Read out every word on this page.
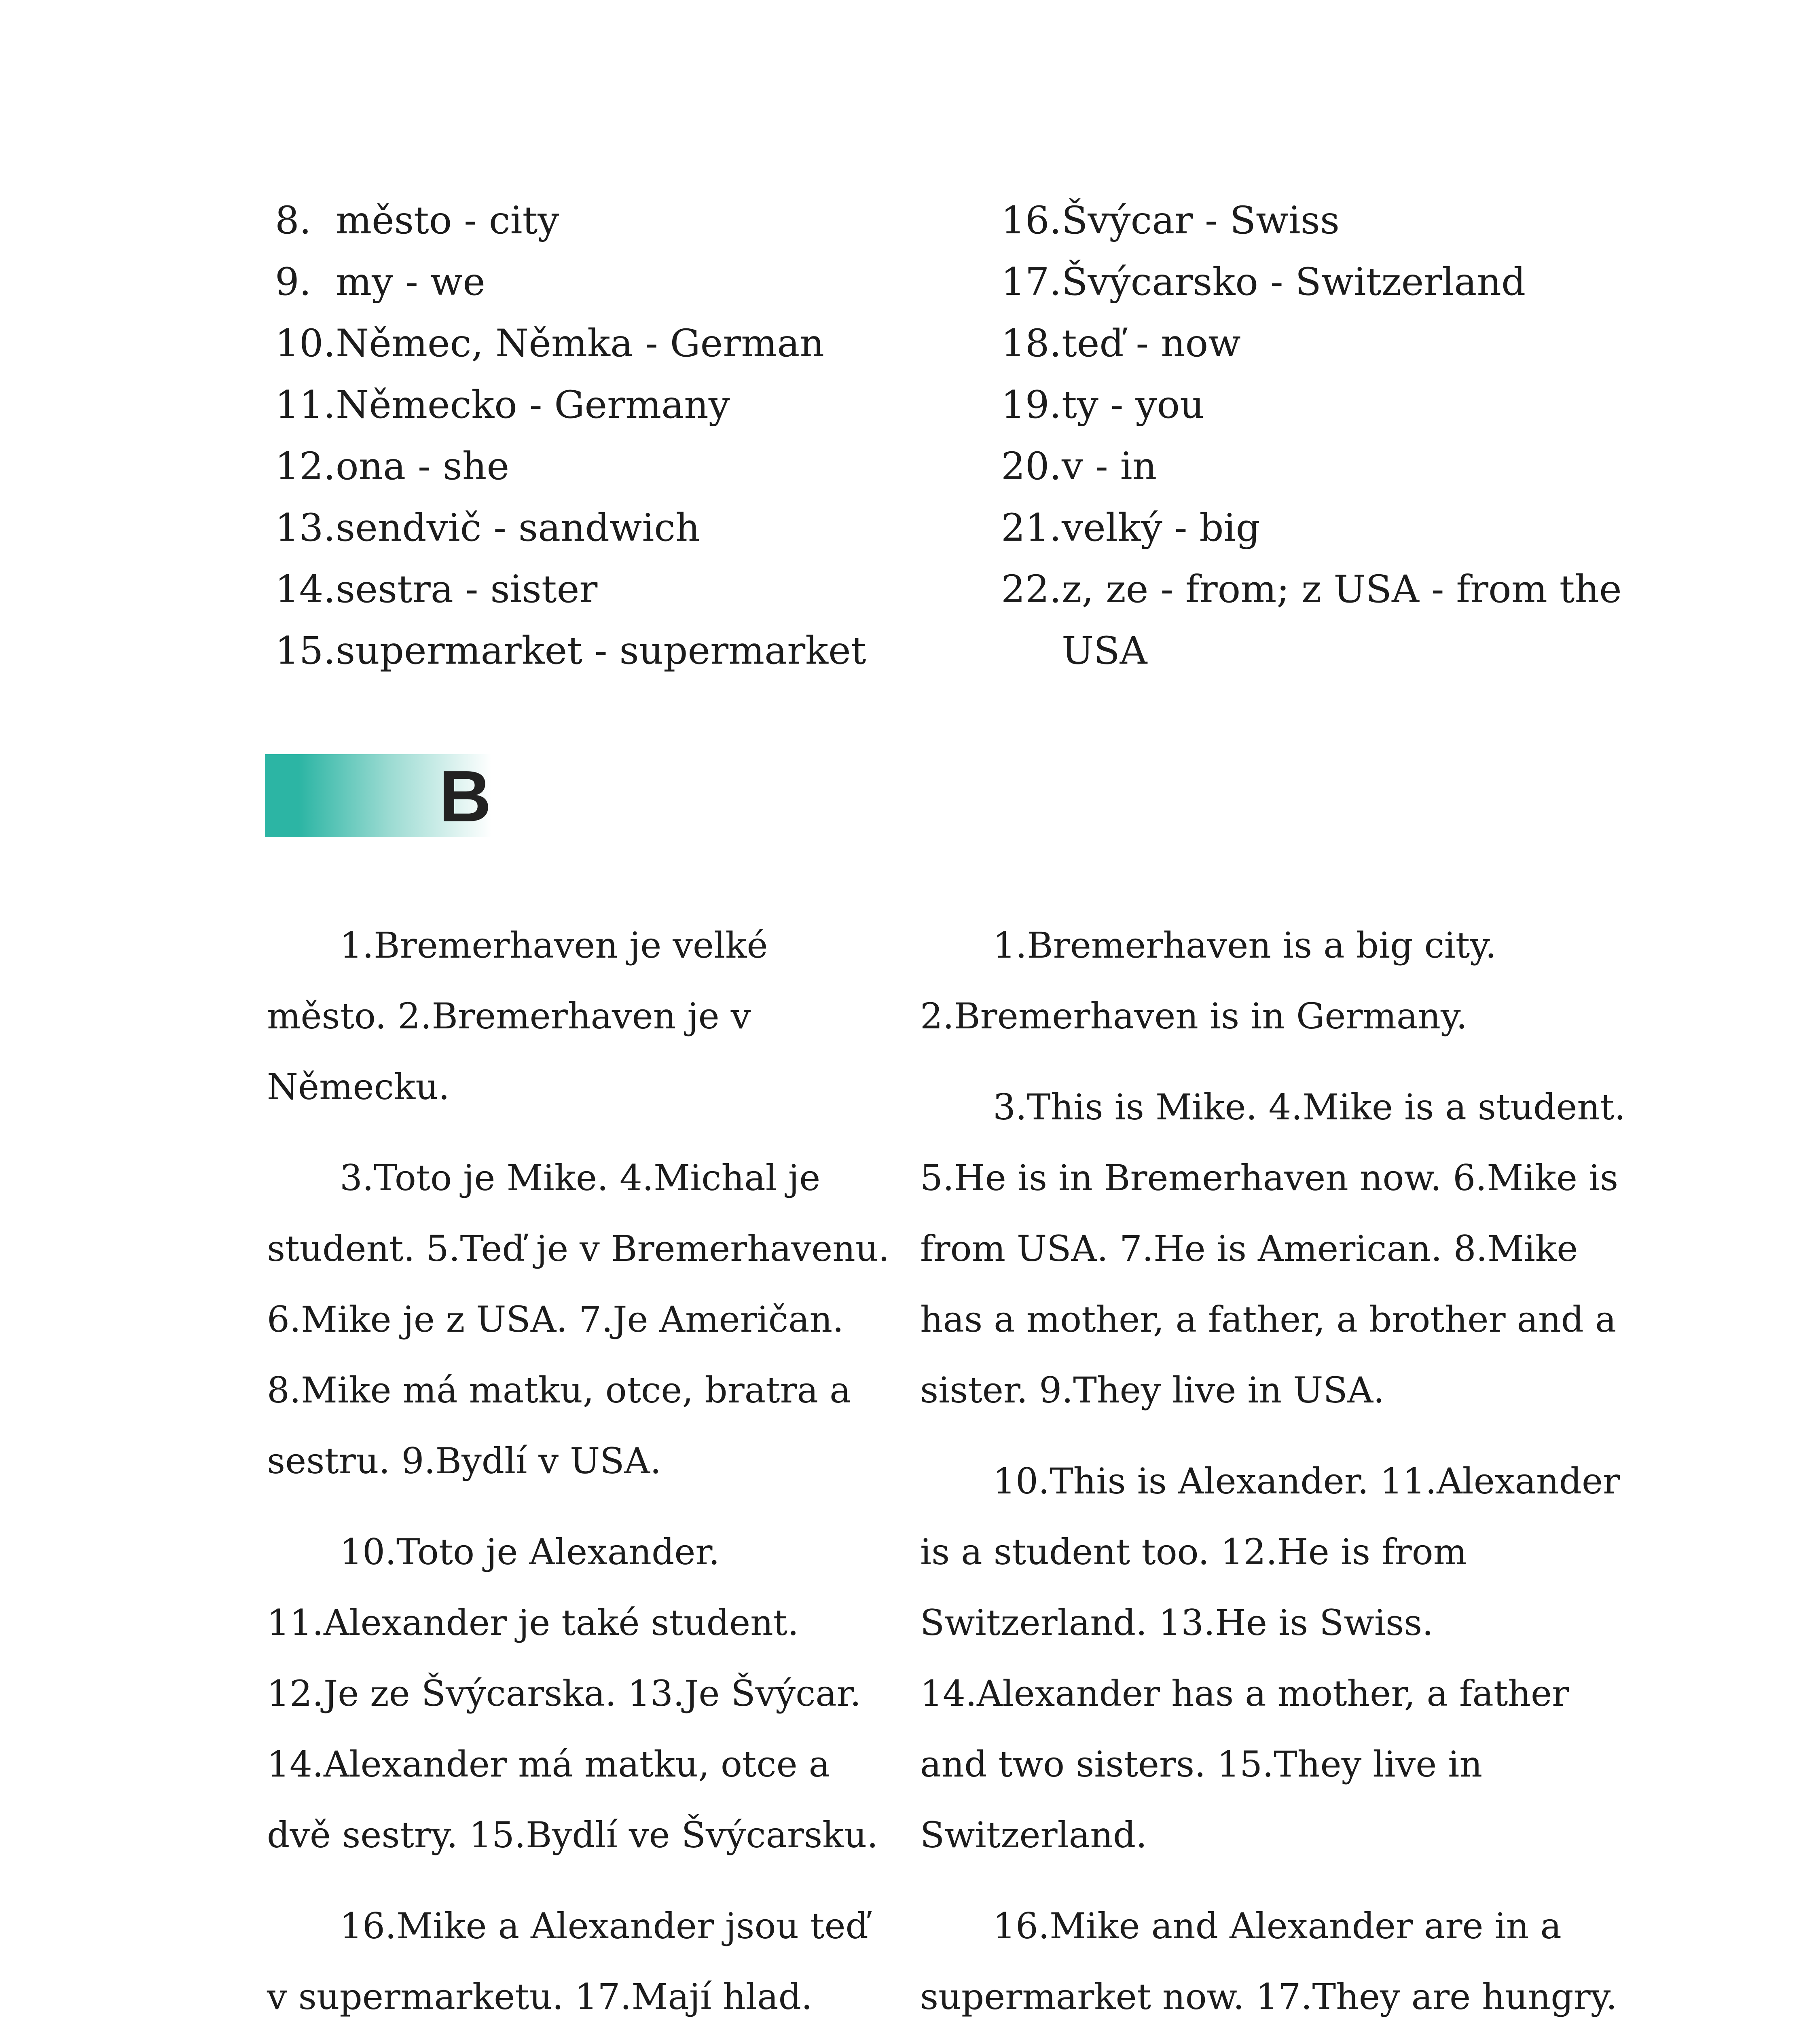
8. město - city
9. my - we
10. Němec, Němka - German
11. Německo - Germany
12. ona - she
13. sendvič - sandwich
14. sestra - sister
15. supermarket - supermarket
16. Švýcar - Swiss
17. Švýcarsko - Switzerland
18. teď - now
19. ty - you
20. v - in
21. velký - big
22. z, ze - from; z USA - from the USA
B

1.Bremerhaven je velké město. 2.Bremerhaven je v Německu.

3.Toto je Mike. 4.Michal je student. 5.Teď je v Bremerhavenu. 6.Mike je z USA. 7.Je Američan. 8.Mike má matku, otce, bratra a sestru. 9.Bydlí v USA.

10.Toto je Alexander. 11.Alexander je také student. 12.Je ze Švýcarska. 13.Je Švýcar. 14.Alexander má matku, otce a dvě sestry. 15.Bydlí ve Švýcarsku.

16.Mike a Alexander jsou teď v supermarketu. 17.Mají hlad.

1.Bremerhaven is a big city. 2.Bremerhaven is in Germany.

3.This is Mike. 4.Mike is a student. 5.He is in Bremerhaven now. 6.Mike is from USA. 7.He is American. 8.Mike has a mother, a father, a brother and a sister. 9.They live in USA.

10.This is Alexander. 11.Alexander is a student too. 12.He is from Switzerland. 13.He is Swiss. 14.Alexander has a mother, a father and two sisters. 15.They live in Switzerland.

16.Mike and Alexander are in a supermarket now. 17.They are hungry.
